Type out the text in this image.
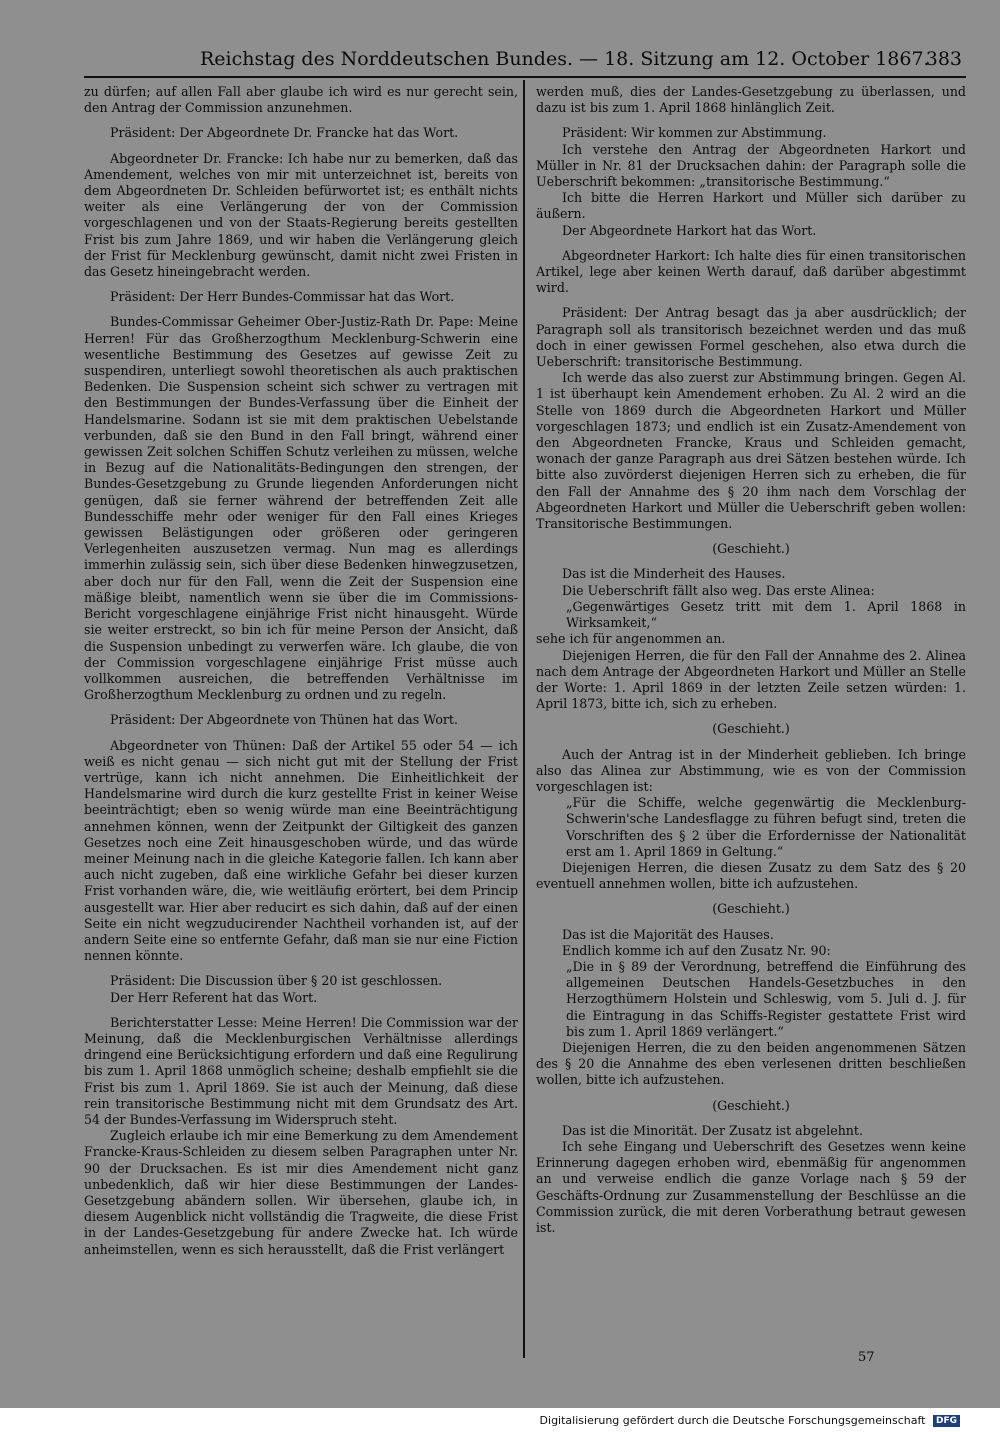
Reichstag des Norddeutschen Bundes. — 18. Sitzung am 12. October 1867.
383

zu dürfen; auf allen Fall aber glaube ich wird es nur gerecht sein, den Antrag der Commission anzunehmen.

Präsident: Der Abgeordnete Dr. Francke hat das Wort.

Abgeordneter Dr. Francke: Ich habe nur zu bemerken, daß das Amendement, welches von mir mit unterzeichnet ist, bereits von dem Abgeordneten Dr. Schleiden befürwortet ist; es enthält nichts weiter als eine Verlängerung der von der Commission vorgeschlagenen und von der Staats-Regierung bereits gestellten Frist bis zum Jahre 1869, und wir haben die Verlängerung gleich der Frist für Mecklenburg gewünscht, damit nicht zwei Fristen in das Gesetz hineingebracht werden.

Präsident: Der Herr Bundes-Commissar hat das Wort.

Bundes-Commissar Geheimer Ober-Justiz-Rath Dr. Pape: Meine Herren! Für das Großherzogthum Mecklenburg-Schwerin eine wesentliche Bestimmung des Gesetzes auf gewisse Zeit zu suspendiren, unterliegt sowohl theoretischen als auch praktischen Bedenken. Die Suspension scheint sich schwer zu vertragen mit den Bestimmungen der Bundes-Verfassung über die Einheit der Handelsmarine. Sodann ist sie mit dem praktischen Uebelstande verbunden, daß sie den Bund in den Fall bringt, während einer gewissen Zeit solchen Schiffen Schutz verleihen zu müssen, welche in Bezug auf die Nationalitäts-Bedingungen den strengen, der Bundes-Gesetzgebung zu Grunde liegenden Anforderungen nicht genügen, daß sie ferner während der betreffenden Zeit alle Bundesschiffe mehr oder weniger für den Fall eines Krieges gewissen Belästigungen oder größeren oder geringeren Verlegenheiten auszusetzen vermag. Nun mag es allerdings immerhin zulässig sein, sich über diese Bedenken hinwegzusetzen, aber doch nur für den Fall, wenn die Zeit der Suspension eine mäßige bleibt, namentlich wenn sie über die im Commissions-Bericht vorgeschlagene einjährige Frist nicht hinausgeht. Würde sie weiter erstreckt, so bin ich für meine Person der Ansicht, daß die Suspension unbedingt zu verwerfen wäre. Ich glaube, die von der Commission vorgeschlagene einjährige Frist müsse auch vollkommen ausreichen, die betreffenden Verhältnisse im Großherzogthum Mecklenburg zu ordnen und zu regeln.

Präsident: Der Abgeordnete von Thünen hat das Wort.

Abgeordneter von Thünen: Daß der Artikel 55 oder 54 — ich weiß es nicht genau — sich nicht gut mit der Stellung der Frist vertrüge, kann ich nicht annehmen. Die Einheitlichkeit der Handelsmarine wird durch die kurz gestellte Frist in keiner Weise beeinträchtigt; eben so wenig würde man eine Beeinträchtigung annehmen können, wenn der Zeitpunkt der Giltigkeit des ganzen Gesetzes noch eine Zeit hinausgeschoben würde, und das würde meiner Meinung nach in die gleiche Kategorie fallen. Ich kann aber auch nicht zugeben, daß eine wirkliche Gefahr bei dieser kurzen Frist vorhanden wäre, die, wie weitläufig erörtert, bei dem Princip ausgestellt war. Hier aber reducirt es sich dahin, daß auf der einen Seite ein nicht wegzuducirender Nachtheil vorhanden ist, auf der andern Seite eine so entfernte Gefahr, daß man sie nur eine Fiction nennen könnte.

Präsident: Die Discussion über § 20 ist geschlossen.

Der Herr Referent hat das Wort.

Berichterstatter Lesse: Meine Herren! Die Commission war der Meinung, daß die Mecklenburgischen Verhältnisse allerdings dringend eine Berücksichtigung erfordern und daß eine Regulirung bis zum 1. April 1868 unmöglich scheine; deshalb empfiehlt sie die Frist bis zum 1. April 1869. Sie ist auch der Meinung, daß diese rein transitorische Bestimmung nicht mit dem Grundsatz des Art. 54 der Bundes-Verfassung im Widerspruch steht.

Zugleich erlaube ich mir eine Bemerkung zu dem Amendement Francke-Kraus-Schleiden zu diesem selben Paragraphen unter Nr. 90 der Drucksachen. Es ist mir dies Amendement nicht ganz unbedenklich, daß wir hier diese Bestimmungen der Landes-Gesetzgebung abändern sollen. Wir übersehen, glaube ich, in diesem Augenblick nicht vollständig die Tragweite, die diese Frist in der Landes-Gesetzgebung für andere Zwecke hat. Ich würde anheimstellen, wenn es sich herausstellt, daß die Frist verlängert

werden muß, dies der Landes-Gesetzgebung zu überlassen, und dazu ist bis zum 1. April 1868 hinlänglich Zeit.

Präsident: Wir kommen zur Abstimmung.

Ich verstehe den Antrag der Abgeordneten Harkort und Müller in Nr. 81 der Drucksachen dahin: der Paragraph solle die Ueberschrift bekommen: „transitorische Bestimmung.“

Ich bitte die Herren Harkort und Müller sich darüber zu äußern.

Der Abgeordnete Harkort hat das Wort.

Abgeordneter Harkort: Ich halte dies für einen transitorischen Artikel, lege aber keinen Werth darauf, daß darüber abgestimmt wird.

Präsident: Der Antrag besagt das ja aber ausdrücklich; der Paragraph soll als transitorisch bezeichnet werden und das muß doch in einer gewissen Formel geschehen, also etwa durch die Ueberschrift: transitorische Bestimmung.

Ich werde das also zuerst zur Abstimmung bringen. Gegen Al. 1 ist überhaupt kein Amendement erhoben. Zu Al. 2 wird an die Stelle von 1869 durch die Abgeordneten Harkort und Müller vorgeschlagen 1873; und endlich ist ein Zusatz-Amendement von den Abgeordneten Francke, Kraus und Schleiden gemacht, wonach der ganze Paragraph aus drei Sätzen bestehen würde. Ich bitte also zuvörderst diejenigen Herren sich zu erheben, die für den Fall der Annahme des § 20 ihm nach dem Vorschlag der Abgeordneten Harkort und Müller die Ueberschrift geben wollen: Transitorische Bestimmungen.

(Geschieht.)

Das ist die Minderheit des Hauses.

Die Ueberschrift fällt also weg. Das erste Alinea:

„Gegenwärtiges Gesetz tritt mit dem 1. April 1868 in Wirksamkeit,“

sehe ich für angenommen an.

Diejenigen Herren, die für den Fall der Annahme des 2. Alinea nach dem Antrage der Abgeordneten Harkort und Müller an Stelle der Worte: 1. April 1869 in der letzten Zeile setzen würden: 1. April 1873, bitte ich, sich zu erheben.

(Geschieht.)

Auch der Antrag ist in der Minderheit geblieben. Ich bringe also das Alinea zur Abstimmung, wie es von der Commission vorgeschlagen ist:

„Für die Schiffe, welche gegenwärtig die Mecklenburg-Schwerin'sche Landesflagge zu führen befugt sind, treten die Vorschriften des § 2 über die Erfordernisse der Nationalität erst am 1. April 1869 in Geltung.“

Diejenigen Herren, die diesen Zusatz zu dem Satz des § 20 eventuell annehmen wollen, bitte ich aufzustehen.

(Geschieht.)

Das ist die Majorität des Hauses.

Endlich komme ich auf den Zusatz Nr. 90:

„Die in § 89 der Verordnung, betreffend die Einführung des allgemeinen Deutschen Handels-Gesetzbuches in den Herzogthümern Holstein und Schleswig, vom 5. Juli d. J. für die Eintragung in das Schiffs-Register gestattete Frist wird bis zum 1. April 1869 verlängert.“

Diejenigen Herren, die zu den beiden angenommenen Sätzen des § 20 die Annahme des eben verlesenen dritten beschließen wollen, bitte ich aufzustehen.

(Geschieht.)

Das ist die Minorität. Der Zusatz ist abgelehnt.

Ich sehe Eingang und Ueberschrift des Gesetzes wenn keine Erinnerung dagegen erhoben wird, ebenmäßig für angenommen an und verweise endlich die ganze Vorlage nach § 59 der Geschäfts-Ordnung zur Zusammenstellung der Beschlüsse an die Commission zurück, die mit deren Vorberathung betraut gewesen ist.

57
Digitalisierung gefördert durch die Deutsche Forschungsgemeinschaft DFG
